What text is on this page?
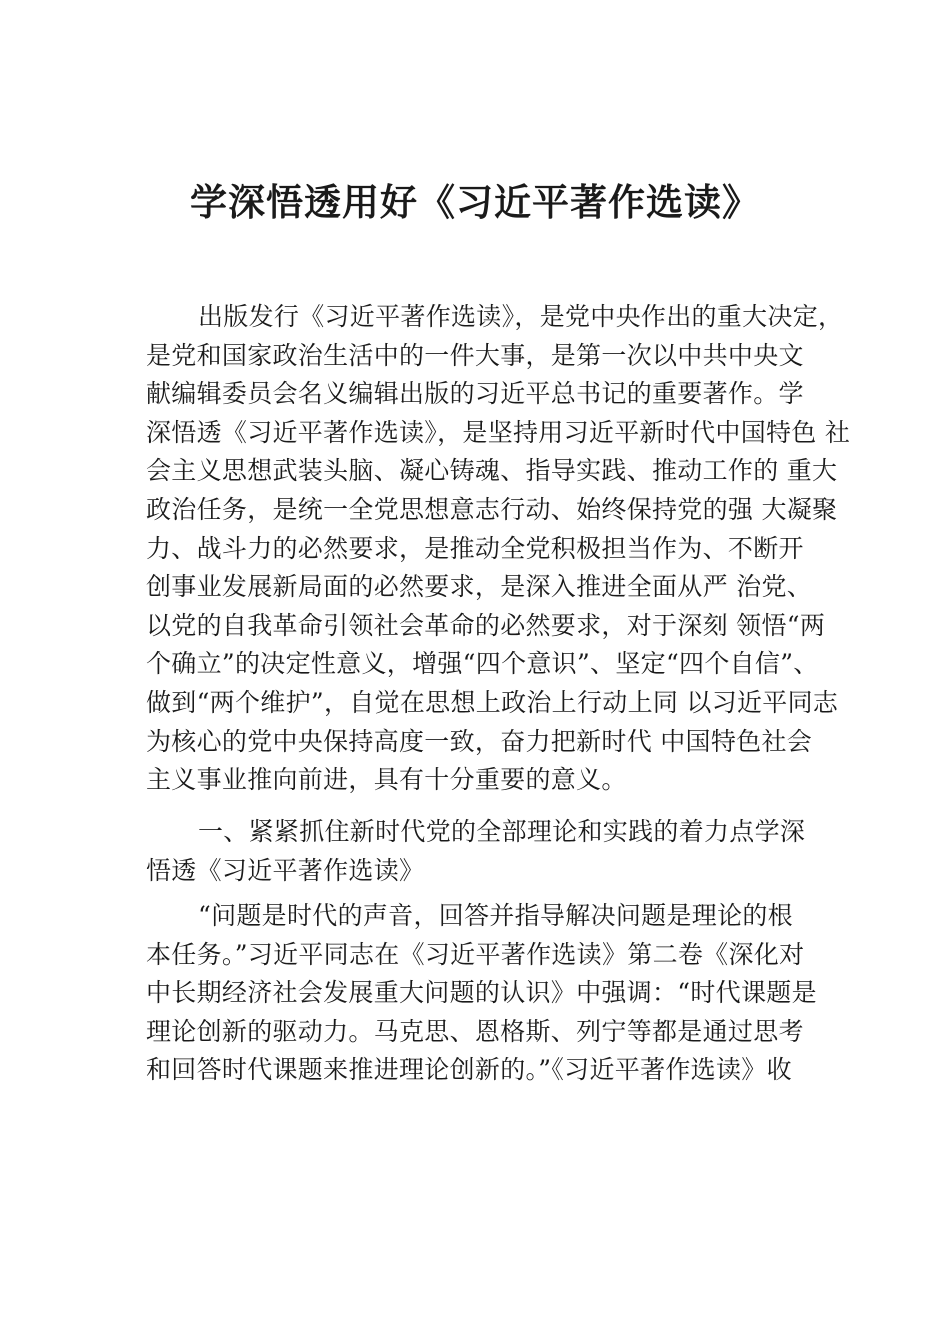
学深悟透用好《习近平著作选读》
出版发行《习近平著作选读》，是党中央作出的重大决定，
是党和国家政治生活中的一件大事，是第一次以中共中央文
献编辑委员会名义编辑出版的习近平总书记的重要著作。学
深悟透《习近平著作选读》，是坚持用习近平新时代中国特色 社
会主义思想武装头脑、凝心铸魂、指导实践、推动工作的 重大
政治任务，是统一全党思想意志行动、始终保持党的强 大凝聚
力、战斗力的必然要求，是推动全党积极担当作为、不断开
创事业发展新局面的必然要求，是深入推进全面从严 治党、
以党的自我革命引领社会革命的必然要求，对于深刻 领悟“两
个确立”的决定性意义，增强“四个意识”、坚定“四个自信”、
做到“两个维护”，自觉在思想上政治上行动上同 以习近平同志
为核心的党中央保持高度一致，奋力把新时代 中国特色社会
主义事业推向前进，具有十分重要的意义。
一、紧紧抓住新时代党的全部理论和实践的着力点学深
悟透《习近平著作选读》
“问题是时代的声音，回答并指导解决问题是理论的根
本任务。”习近平同志在《习近平著作选读》第二卷《深化对
中长期经济社会发展重大问题的认识》中强调：“时代课题是
理论创新的驱动力。马克思、恩格斯、列宁等都是通过思考
和回答时代课题来推进理论创新的。”《习近平著作选读》收
